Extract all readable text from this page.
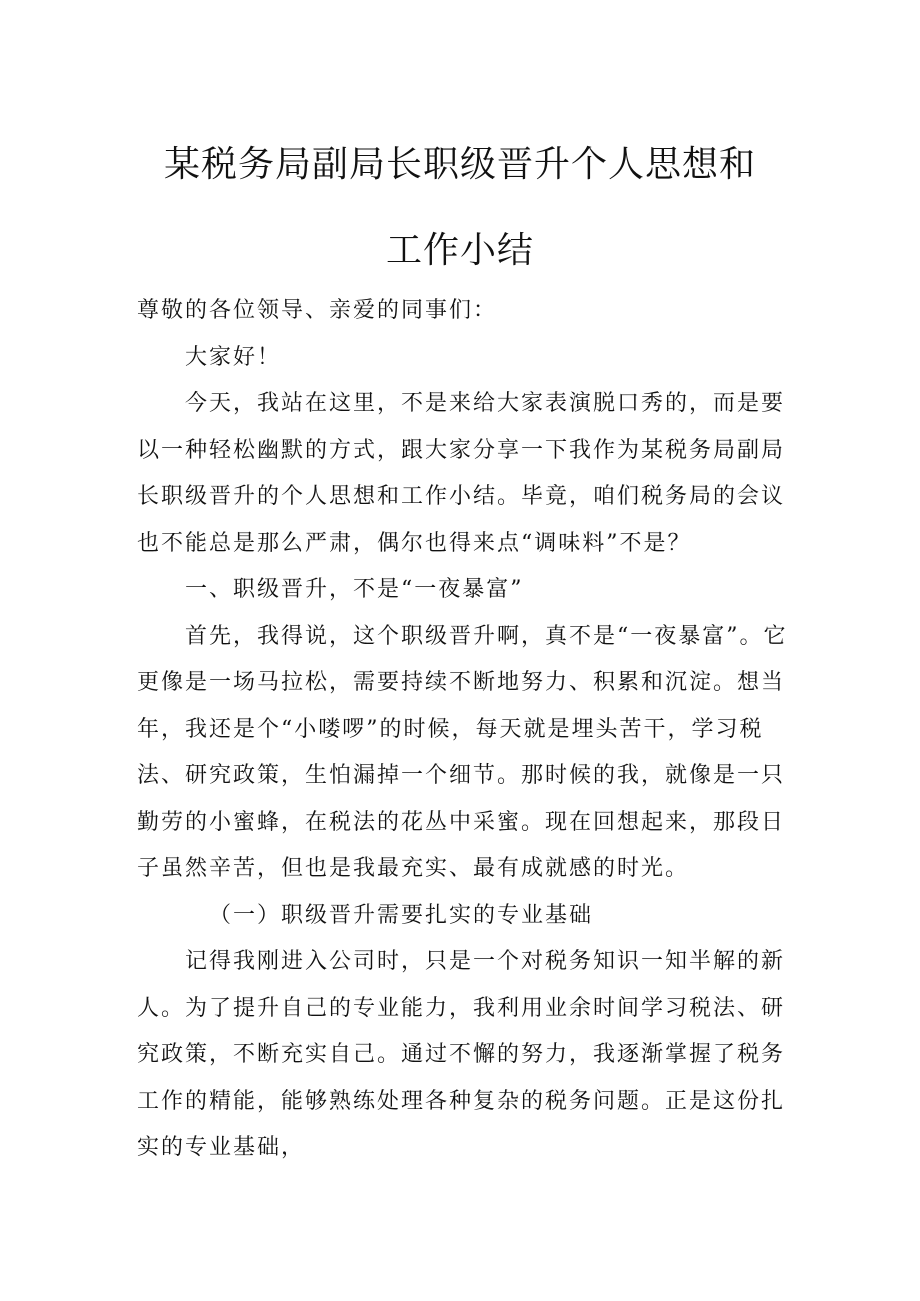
某税务局副局长职级晋升个人思想和
工作小结

尊敬的各位领导、亲爱的同事们：

大家好！

今天，我站在这里，不是来给大家表演脱口秀的，而是要以一种轻松幽默的方式，跟大家分享一下我作为某税务局副局长职级晋升的个人思想和工作小结。毕竟，咱们税务局的会议也不能总是那么严肃，偶尔也得来点“调味料”不是？

一、职级晋升，不是“一夜暴富”

首先，我得说，这个职级晋升啊，真不是“一夜暴富”。它更像是一场马拉松，需要持续不断地努力、积累和沉淀。想当年，我还是个“小喽啰”的时候，每天就是埋头苦干，学习税法、研究政策，生怕漏掉一个细节。那时候的我，就像是一只勤劳的小蜜蜂，在税法的花丛中采蜜。现在回想起来，那段日子虽然辛苦，但也是我最充实、最有成就感的时光。

（一）职级晋升需要扎实的专业基础

记得我刚进入公司时，只是一个对税务知识一知半解的新人。为了提升自己的专业能力，我利用业余时间学习税法、研究政策，不断充实自己。通过不懈的努力，我逐渐掌握了税务工作的精能，能够熟练处理各种复杂的税务问题。正是这份扎实的专业基础，
